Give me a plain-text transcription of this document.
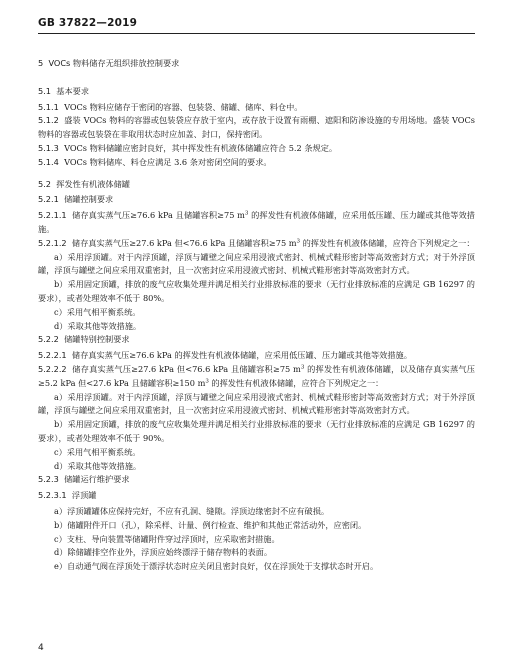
GB 37822—2019
5 VOCs 物料储存无组织排放控制要求
5.1 基本要求

5.1.1 VOCs 物料应储存于密闭的容器、包装袋、储罐、储库、料仓中。

5.1.2 盛装 VOCs 物料的容器或包装袋应存放于室内，或存放于设置有雨棚、遮阳和防渗设施的专用场地。盛装 VOCs 物料的容器或包装袋在非取用状态时应加盖、封口，保持密闭。

5.1.3 VOCs 物料储罐应密封良好，其中挥发性有机液体储罐应符合 5.2 条规定。

5.1.4 VOCs 物料储库、料仓应满足 3.6 条对密闭空间的要求。

5.2 挥发性有机液体储罐
5.2.1 储罐控制要求

5.2.1.1 储存真实蒸气压≥76.6 kPa 且储罐容积≥75 $m^3$ 的挥发性有机液体储罐，应采用低压罐、压力罐或其他等效措施。

5.2.1.2 储存真实蒸气压≥27.6 kPa 但<76.6 kPa 且储罐容积≥75 $m^3$ 的挥发性有机液体储罐，应符合下列规定之一：

a）采用浮顶罐。对于内浮顶罐，浮顶与罐壁之间应采用浸液式密封、机械式鞋形密封等高效密封方式；对于外浮顶罐，浮顶与罐壁之间应采用双重密封，且一次密封应采用浸液式密封、机械式鞋形密封等高效密封方式。

b）采用固定顶罐，排放的废气应收集处理并满足相关行业排放标准的要求（无行业排放标准的应满足 GB 16297 的要求），或者处理效率不低于 80%。

c）采用气相平衡系统。

d）采取其他等效措施。

5.2.2 储罐特别控制要求

5.2.2.1 储存真实蒸气压≥76.6 kPa 的挥发性有机液体储罐，应采用低压罐、压力罐或其他等效措施。

5.2.2.2 储存真实蒸气压≥27.6 kPa 但<76.6 kPa 且储罐容积≥75 $m^3$ 的挥发性有机液体储罐，以及储存真实蒸气压≥5.2 kPa 但<27.6 kPa 且储罐容积≥150 $m^3$ 的挥发性有机液体储罐，应符合下列规定之一：

a）采用浮顶罐。对于内浮顶罐，浮顶与罐壁之间应采用浸液式密封、机械式鞋形密封等高效密封方式；对于外浮顶罐，浮顶与罐壁之间应采用双重密封，且一次密封应采用浸液式密封、机械式鞋形密封等高效密封方式。

b）采用固定顶罐，排放的废气应收集处理并满足相关行业排放标准的要求（无行业排放标准的应满足 GB 16297 的要求），或者处理效率不低于 90%。

c）采用气相平衡系统。

d）采取其他等效措施。

5.2.3 储罐运行维护要求
5.2.3.1 浮顶罐

a）浮顶罐罐体应保持完好，不应有孔洞、缝隙。浮顶边缘密封不应有破损。

b）储罐附件开口（孔），除采样、计量、例行检查、维护和其他正常活动外，应密闭。

c）支柱、导向装置等储罐附件穿过浮顶时，应采取密封措施。

d）除储罐排空作业外，浮顶应始终漂浮于储存物料的表面。

e）自动通气阀在浮顶处于漂浮状态时应关闭且密封良好，仅在浮顶处于支撑状态时开启。

4
